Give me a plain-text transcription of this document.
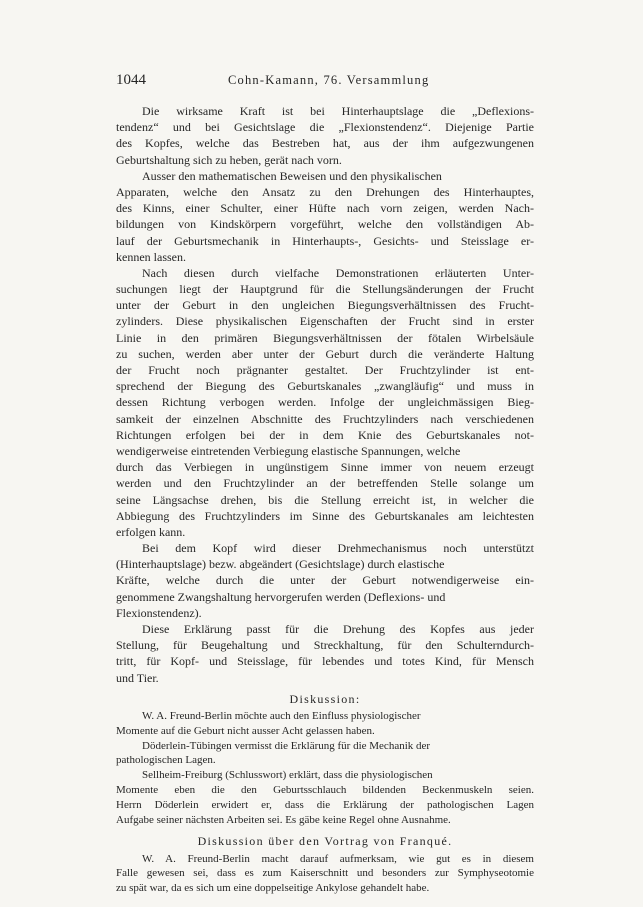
1044	Cohn-Kamann, 76. Versammlung
Die wirksame Kraft ist bei Hinterhauptslage die „Deflexions-
tendenz“ und bei Gesichtslage die „Flexionstendenz“. Diejenige Partie
des Kopfes, welche das Bestreben hat, aus der ihm aufgezwungenen
Geburtshaltung sich zu heben, gerät nach vorn.
Ausser den mathematischen Beweisen und den physikalischen
Apparaten, welche den Ansatz zu den Drehungen des Hinterhauptes,
des Kinns, einer Schulter, einer Hüfte nach vorn zeigen, werden Nach-
bildungen von Kindskörpern vorgeführt, welche den vollständigen Ab-
lauf der Geburtsmechanik in Hinterhaupts-, Gesichts- und Steisslage er-
kennen lassen.
Nach diesen durch vielfache Demonstrationen erläuterten Unter-
suchungen liegt der Hauptgrund für die Stellungsänderungen der Frucht
unter der Geburt in den ungleichen Biegungsverhältnissen des Frucht-
zylinders. Diese physikalischen Eigenschaften der Frucht sind in erster
Linie in den primären Biegungsverhältnissen der fötalen Wirbelsäule
zu suchen, werden aber unter der Geburt durch die veränderte Haltung
der Frucht noch prägnanter gestaltet. Der Fruchtzylinder ist ent-
sprechend der Biegung des Geburtskanales „zwangläufig“ und muss in
dessen Richtung verbogen werden. Infolge der ungleichmässigen Bieg-
samkeit der einzelnen Abschnitte des Fruchtzylinders nach verschiedenen
Richtungen erfolgen bei der in dem Knie des Geburtskanales not-
wendigerweise eintretenden Verbiegung elastische Spannungen, welche
durch das Verbiegen in ungünstigem Sinne immer von neuem erzeugt
werden und den Fruchtzylinder an der betreffenden Stelle solange um
seine Längsachse drehen, bis die Stellung erreicht ist, in welcher die
Abbiegung des Fruchtzylinders im Sinne des Geburtskanales am leichtesten
erfolgen kann.
Bei dem Kopf wird dieser Drehmechanismus noch unterstützt
(Hinterhauptslage) bezw. abgeändert (Gesichtslage) durch elastische
Kräfte, welche durch die unter der Geburt notwendigerweise ein-
genommene Zwangshaltung hervorgerufen werden (Deflexions- und
Flexionstendenz).
Diese Erklärung passt für die Drehung des Kopfes aus jeder
Stellung, für Beugehaltung und Streckhaltung, für den Schulterndurch-
tritt, für Kopf- und Steisslage, für lebendes und totes Kind, für Mensch
und Tier.
Diskussion:
W. A. Freund-Berlin möchte auch den Einfluss physiologischer
Momente auf die Geburt nicht ausser Acht gelassen haben.
Döderlein-Tübingen vermisst die Erklärung für die Mechanik der
pathologischen Lagen.
Sellheim-Freiburg (Schlusswort) erklärt, dass die physiologischen
Momente eben die den Geburtsschlauch bildenden Beckenmuskeln seien.
Herrn Döderlein erwidert er, dass die Erklärung der pathologischen Lagen
Aufgabe seiner nächsten Arbeiten sei. Es gäbe keine Regel ohne Ausnahme.
Diskussion über den Vortrag von Franqué.
W. A. Freund-Berlin macht darauf aufmerksam, wie gut es in diesem
Falle gewesen sei, dass es zum Kaiserschnitt und besonders zur Symphyseotomie
zu spät war, da es sich um eine doppelseitige Ankylose gehandelt habe.
